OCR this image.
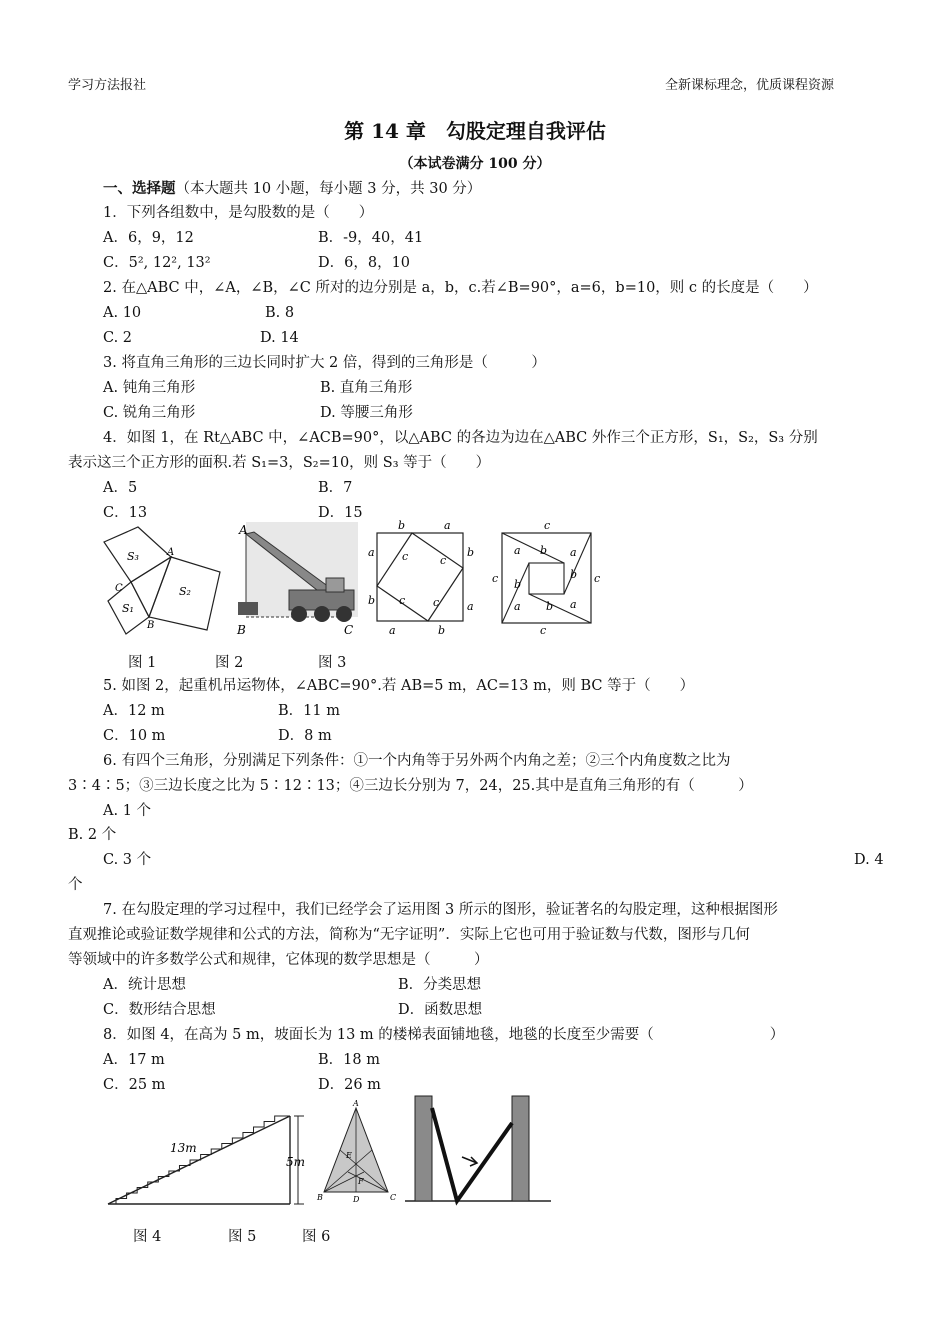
学习方法报社	全新课标理念，优质课程资源
第 14 章　勾股定理自我评估
（本试卷满分 100 分）
一、选择题（本大题共 10 小题，每小题 3 分，共 30 分）
1．下列各组数中，是勾股数的是（　　）
A．6，9，12	B．-9，40，41
C．5², 12², 13²	D．6，8，10
2. 在△ABC 中，∠A，∠B，∠C 所对的边分别是 a，b，c.若∠B=90°，a=6，b=10，则 c 的长度是（　　）
A. 10	B. 8
C. 2	D. 14
3. 将直角三角形的三边长同时扩大 2 倍，得到的三角形是（　　　）
A. 钝角三角形	B. 直角三角形
C. 锐角三角形	D. 等腰三角形
4．如图 1，在 Rt△ABC 中，∠ACB=90°，以△ABC 的各边为边在△ABC 外作三个正方形，S₁，S₂，S₃ 分别
表示这三个正方形的面积.若 S₁=3，S₂=10，则 S₃ 等于（　　）
A．5	B．7
C．13	D．15
S₃
S₂
S₁
A
C
B
A
B	C
b	a
a
b
b
a
a	b
c	c
c	c
c
c	c
c
a b a
b
b
a b a
图 1	图 2	图 3
5. 如图 2，起重机吊运物体，∠ABC=90°.若 AB=5 m，AC=13 m，则 BC 等于（　　）
A．12 m	B．11 m
C．10 m	D．8 m
6. 有四个三角形，分别满足下列条件：①一个内角等于另外两个内角之差；②三个内角度数之比为
3∶4∶5；③三边长度之比为 5∶12∶13；④三边长分别为 7，24，25.其中是直角三角形的有（　　　）
A. 1 个
B. 2 个
C. 3 个	D. 4
个
7. 在勾股定理的学习过程中，我们已经学会了运用图 3 所示的图形，验证著名的勾股定理，这种根据图形
直观推论或验证数学规律和公式的方法，简称为“无字证明”．实际上它也可用于验证数与代数，图形与几何
等领域中的许多数学公式和规律，它体现的数学思想是（　　　）
A．统计思想	B．分类思想
C．数形结合思想	D．函数思想
8．如图 4，在高为 5 m，坡面长为 13 m 的楼梯表面铺地毯，地毯的长度至少需要（　　　　　　　　）
A．17 m	B．18 m
C．25 m	D．26 m
13m
5m
A
B	C
D
E
F
图 4	图 5	图 6
